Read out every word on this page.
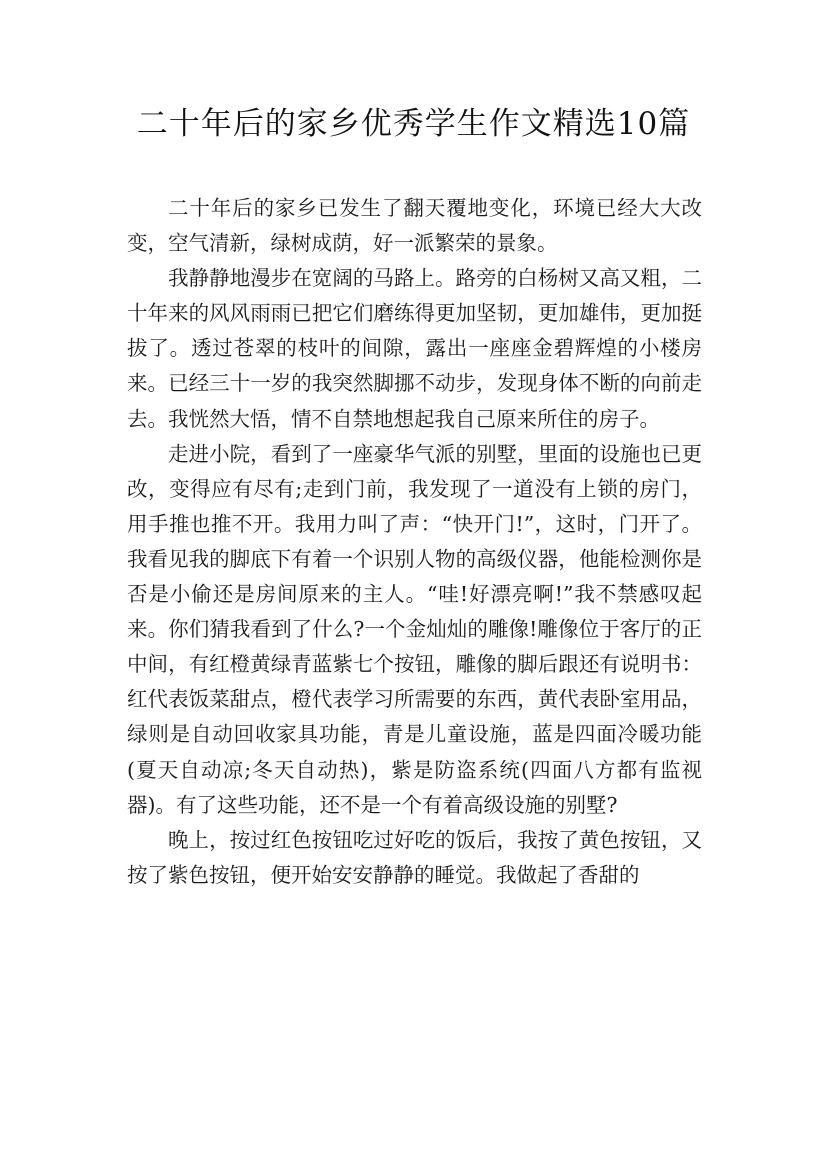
二十年后的家乡优秀学生作文精选10篇

二十年后的家乡已发生了翻天覆地变化，环境已经大大改变，空气清新，绿树成荫，好一派繁荣的景象。

我静静地漫步在宽阔的马路上。路旁的白杨树又高又粗，二十年来的风风雨雨已把它们磨练得更加坚韧，更加雄伟，更加挺拔了。透过苍翠的枝叶的间隙，露出一座座金碧辉煌的小楼房来。已经三十一岁的我突然脚挪不动步，发现身体不断的向前走去。我恍然大悟，情不自禁地想起我自己原来所住的房子。

走进小院，看到了一座豪华气派的别墅，里面的设施也已更改，变得应有尽有;走到门前，我发现了一道没有上锁的房门，用手推也推不开。我用力叫了声：“快开门!”，这时，门开了。我看见我的脚底下有着一个识别人物的高级仪器，他能检测你是否是小偷还是房间原来的主人。“哇!好漂亮啊!”我不禁感叹起来。你们猜我看到了什么?一个金灿灿的雕像!雕像位于客厅的正中间，有红橙黄绿青蓝紫七个按钮，雕像的脚后跟还有说明书：红代表饭菜甜点，橙代表学习所需要的东西，黄代表卧室用品，绿则是自动回收家具功能，青是儿童设施，蓝是四面冷暖功能(夏天自动凉;冬天自动热)，紫是防盗系统(四面八方都有监视器)。有了这些功能，还不是一个有着高级设施的别墅?

晚上，按过红色按钮吃过好吃的饭后，我按了黄色按钮，又按了紫色按钮，便开始安安静静的睡觉。我做起了香甜的
